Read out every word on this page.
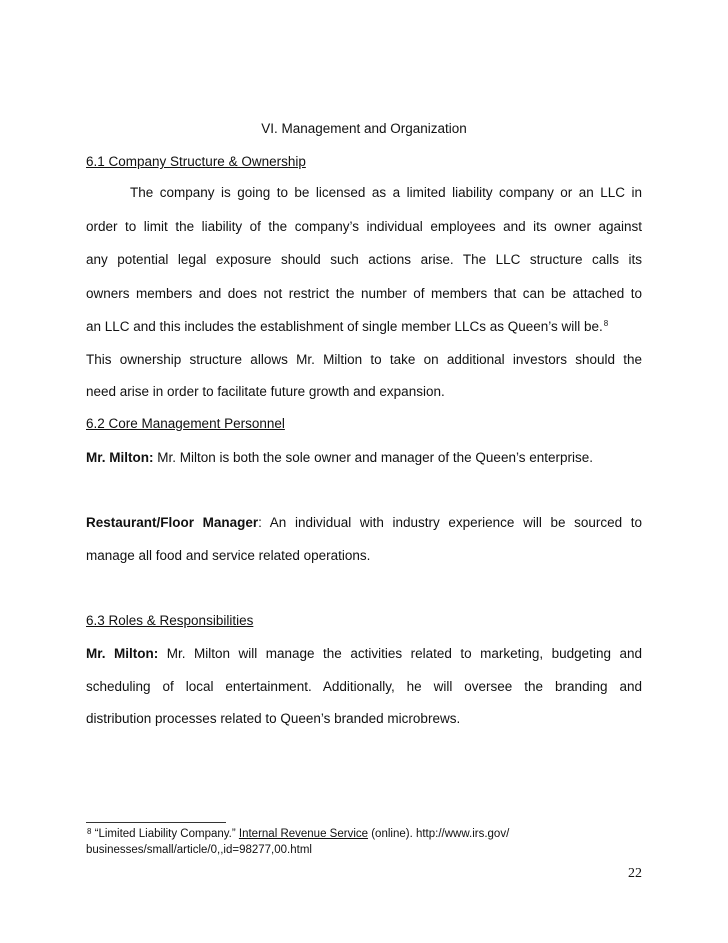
VI. Management and Organization
6.1 Company Structure & Ownership
The company is going to be licensed as a limited liability company or an LLC in
order to limit the liability of the company’s individual employees and its owner against
any potential legal exposure should such actions arise. The LLC structure calls its
owners members and does not restrict the number of members that can be attached to
an LLC and this includes the establishment of single member LLCs as Queen’s will be.$^8$
This ownership structure allows Mr. Miltion to take on additional investors should the
need arise in order to facilitate future growth and expansion.
6.2 Core Management Personnel
Mr. Milton: Mr. Milton is both the sole owner and manager of the Queen’s enterprise.
Restaurant/Floor Manager: An individual with industry experience will be sourced to
manage all food and service related operations.
6.3 Roles & Responsibilities
Mr. Milton: Mr. Milton will manage the activities related to marketing, budgeting and
scheduling of local entertainment. Additionally, he will oversee the branding and
distribution processes related to Queen’s branded microbrews.
$^8$ “Limited Liability Company.” Internal Revenue Service (online). http://www.irs.gov/
businesses/small/article/0,,id=98277,00.html
22
